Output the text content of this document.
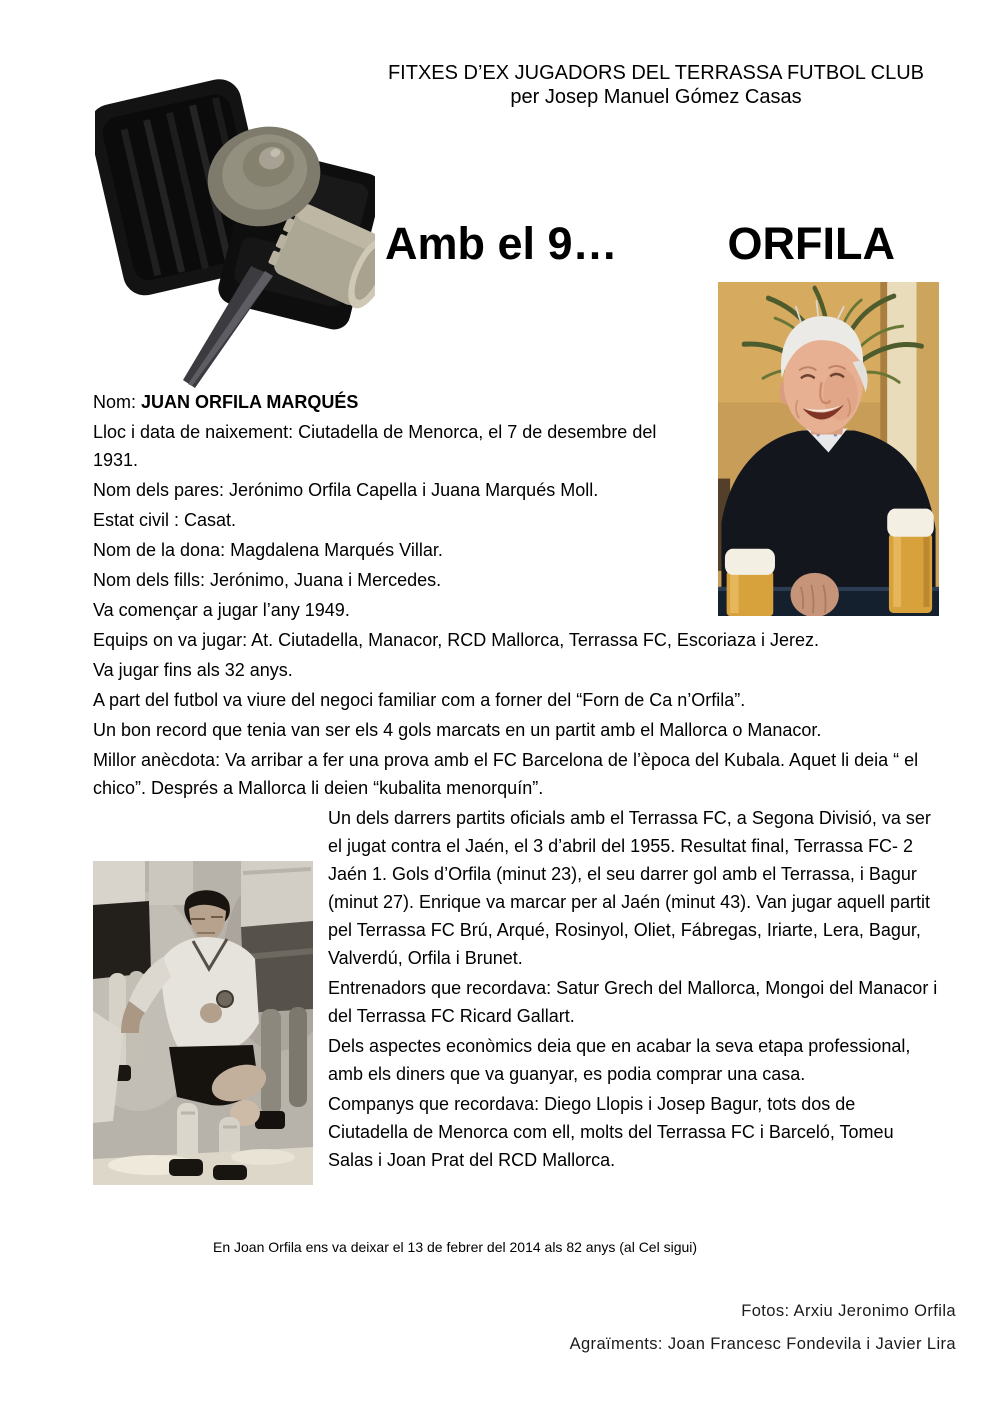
FITXES D’EX JUGADORS DEL TERRASSA FUTBOL CLUB
per Josep Manuel Gómez Casas
Amb el 9… ORFILA

Nom: JUAN ORFILA MARQUÉS

Lloc i data de naixement: Ciutadella de Menorca, el 7 de desembre del 1931.

Nom dels pares: Jerónimo Orfila Capella i Juana Marqués Moll.

Estat civil : Casat.

Nom de la dona: Magdalena Marqués Villar.

Nom dels fills: Jerónimo, Juana i Mercedes.

Va començar a jugar l’any 1949.

Equips on va jugar: At. Ciutadella, Manacor, RCD Mallorca, Terrassa FC, Escoriaza i Jerez.

Va jugar fins als 32 anys.

A part del futbol va viure del negoci familiar com a forner del “Forn de Ca n’Orfila”.

Un bon record que tenia van ser els 4 gols marcats en un partit amb el Mallorca o Manacor.

Millor anècdota: Va arribar a fer una prova amb el FC Barcelona de l’època del Kubala. Aquet li deia “ el chico”. Després a Mallorca li deien “kubalita menorquín”.

Un dels darrers partits oficials amb el Terrassa FC, a Segona Divisió, va ser el jugat contra el Jaén, el 3 d’abril del 1955. Resultat final, Terrassa FC- 2 Jaén 1. Gols d’Orfila (minut 23), el seu darrer gol amb el Terrassa, i Bagur (minut 27). Enrique va marcar per al Jaén (minut 43). Van jugar aquell partit pel Terrassa FC Brú, Arqué, Rosinyol, Oliet, Fábregas, Iriarte, Lera, Bagur, Valverdú, Orfila i Brunet.

Entrenadors que recordava: Satur Grech del Mallorca, Mongoi del Manacor i del Terrassa FC Ricard Gallart.

Dels aspectes econòmics deia que en acabar la seva etapa professional, amb els diners que va guanyar, es podia comprar una casa.

Companys que recordava: Diego Llopis i Josep Bagur, tots dos de Ciutadella de Menorca com ell, molts del Terrassa FC i Barceló, Tomeu Salas i Joan Prat del RCD Mallorca.

En Joan Orfila ens va deixar el 13 de febrer del 2014 als 82 anys (al Cel sigui)
Fotos: Arxiu Jeronimo Orfila
Agraïments: Joan Francesc Fondevila i Javier Lira
